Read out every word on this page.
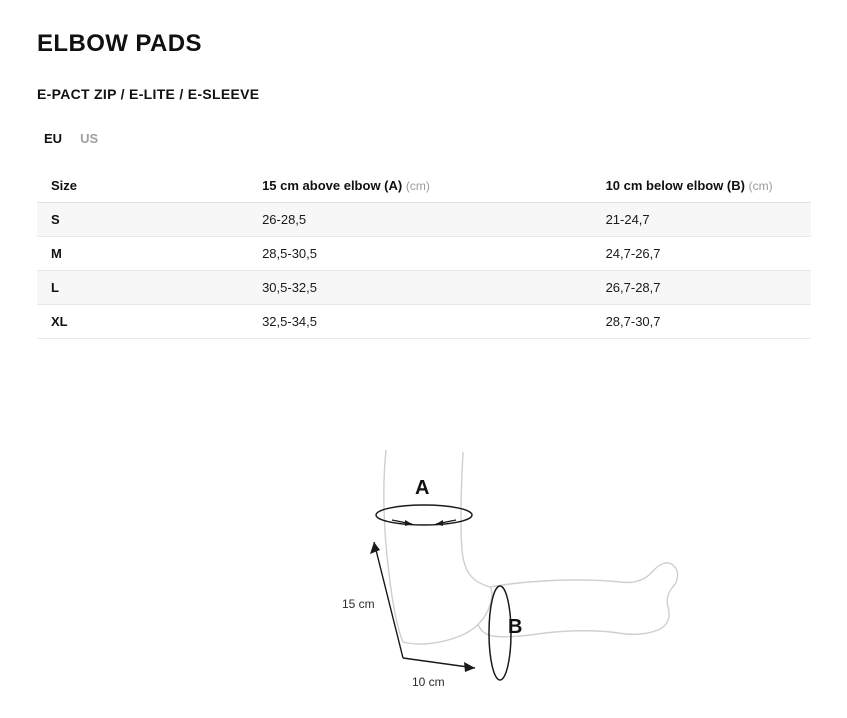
ELBOW PADS
E-PACT ZIP / E-LITE / E-SLEEVE
EU US
Size	15 cm above elbow (A) (cm)	10 cm below elbow (B) (cm)
S	26-28,5	21-24,7
M	28,5-30,5	24,7-26,7
L	30,5-32,5	26,7-28,7
XL	32,5-34,5	28,7-30,7
A
B
15 cm
10 cm
